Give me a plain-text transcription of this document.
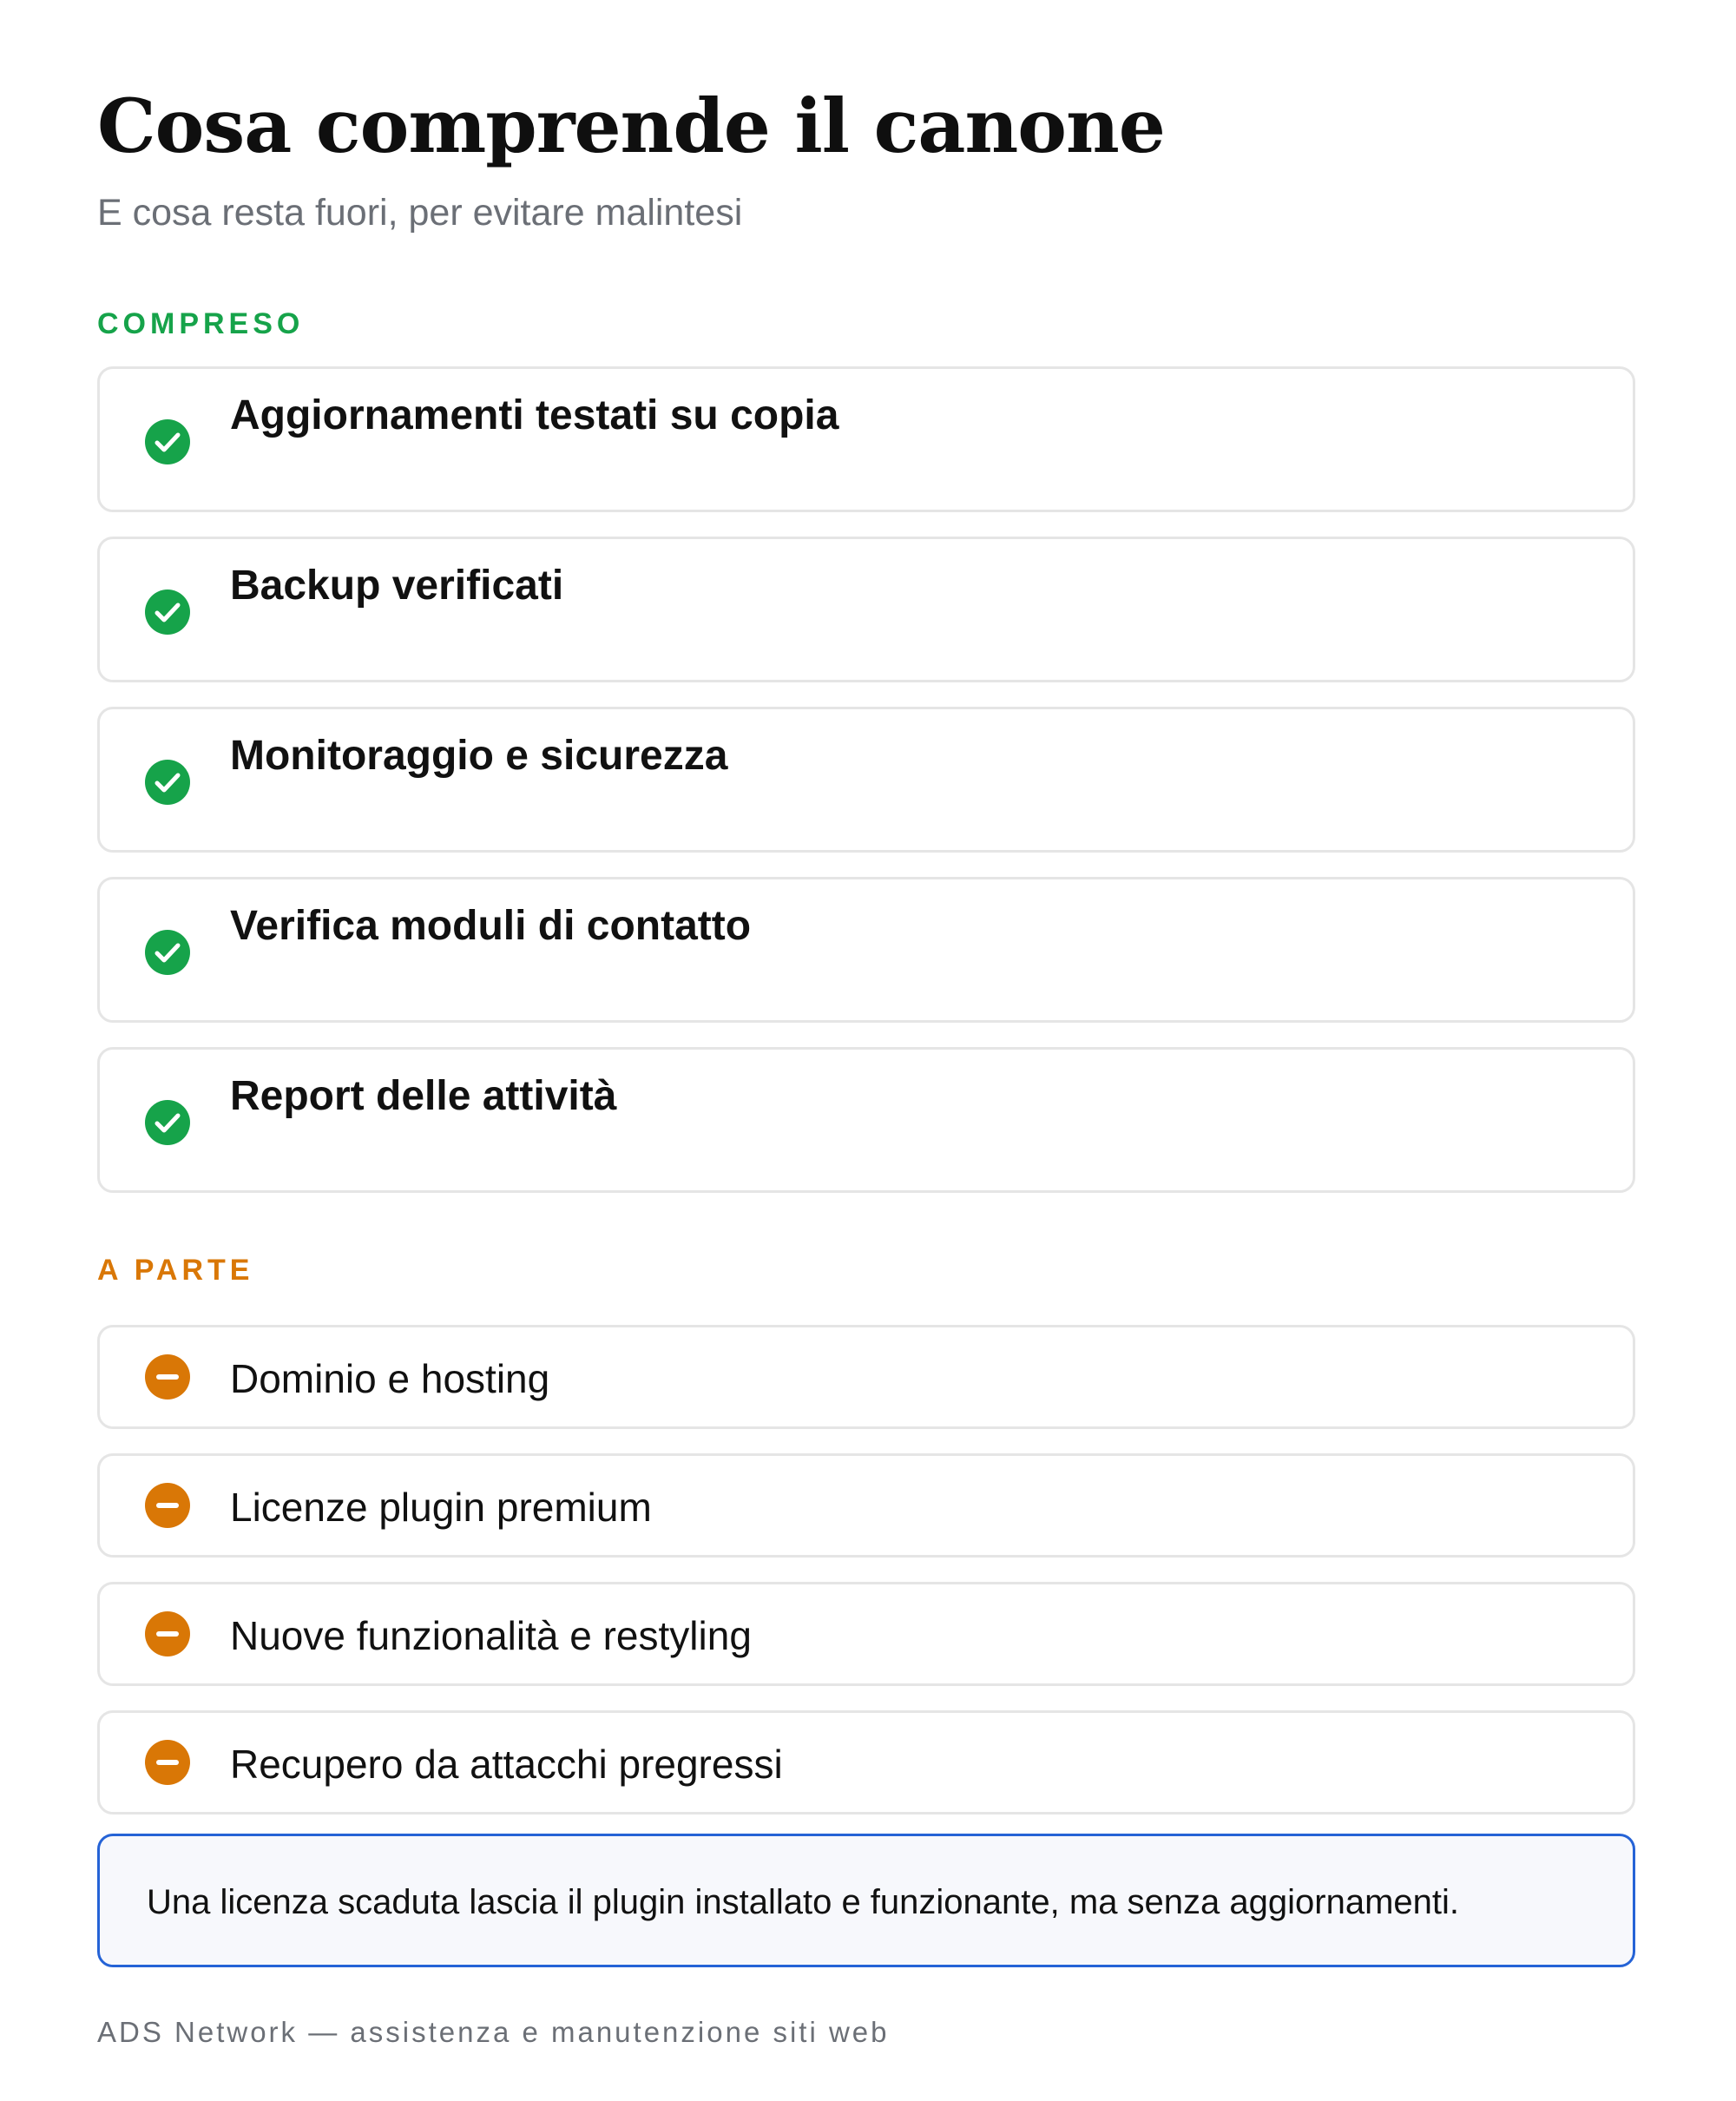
Cosa comprende il canone

E cosa resta fuori, per evitare malintesi

COMPRESO

Aggiornamenti testati su copia

Backup verificati

Monitoraggio e sicurezza

Verifica moduli di contatto

Report delle attività

A PARTE

Dominio e hosting

Licenze plugin premium

Nuove funzionalità e restyling

Recupero da attacchi pregressi

Una licenza scaduta lascia il plugin installato e funzionante, ma senza aggiornamenti.

ADS Network — assistenza e manutenzione siti web
